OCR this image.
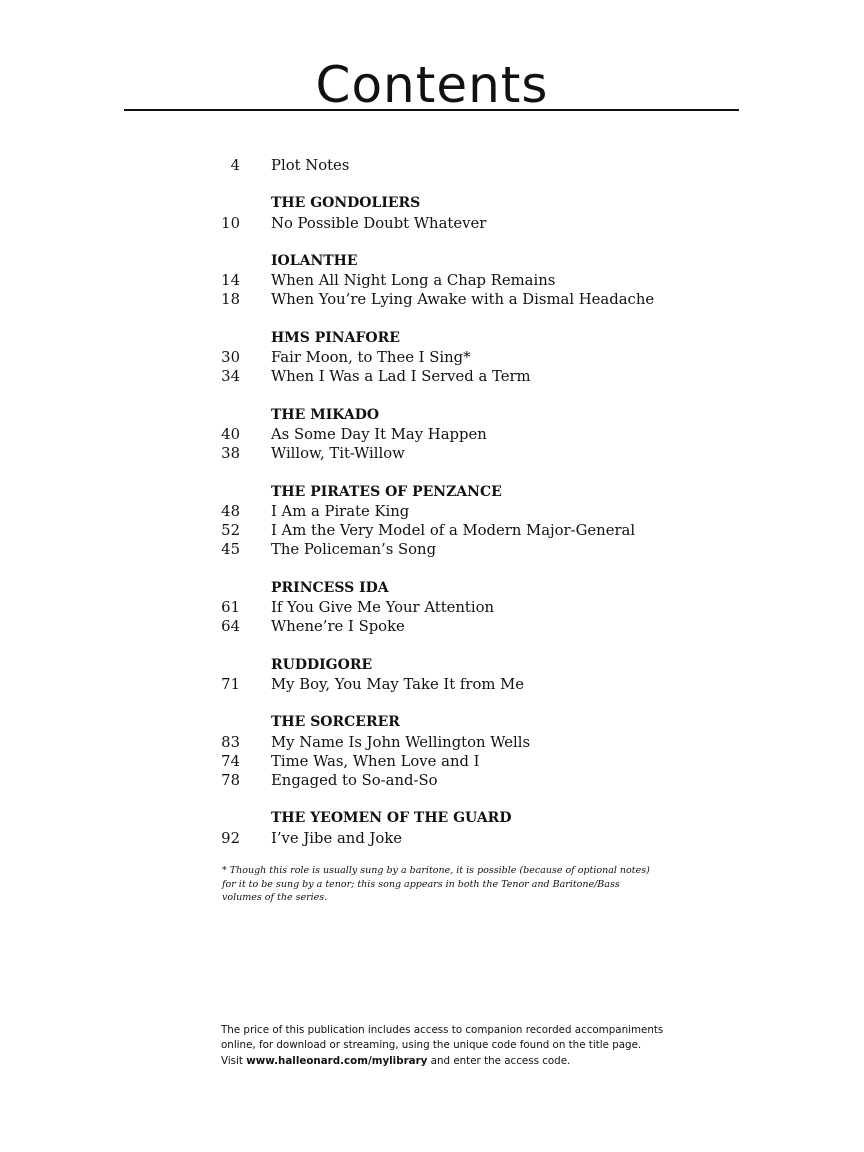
Contents
4 Plot Notes
THE GONDOLIERS
10 No Possible Doubt Whatever
IOLANTHE
14 When All Night Long a Chap Remains
18 When You’re Lying Awake with a Dismal Headache
HMS PINAFORE
30 Fair Moon, to Thee I Sing*
34 When I Was a Lad I Served a Term
THE MIKADO
40 As Some Day It May Happen
38 Willow, Tit-Willow
THE PIRATES OF PENZANCE
48 I Am a Pirate King
52 I Am the Very Model of a Modern Major-General
45 The Policeman’s Song
PRINCESS IDA
61 If You Give Me Your Attention
64 Whene’re I Spoke
RUDDIGORE
71 My Boy, You May Take It from Me
THE SORCERER
83 My Name Is John Wellington Wells
74 Time Was, When Love and I
78 Engaged to So-and-So
THE YEOMEN OF THE GUARD
92 I’ve Jibe and Joke
* Though this role is usually sung by a baritone, it is possible (because of optional notes)
for it to be sung by a tenor; this song appears in both the Tenor and Baritone/Bass
volumes of the series.
The price of this publication includes access to companion recorded accompaniments
online, for download or streaming, using the unique code found on the title page.
Visit www.halleonard.com/mylibrary and enter the access code.
